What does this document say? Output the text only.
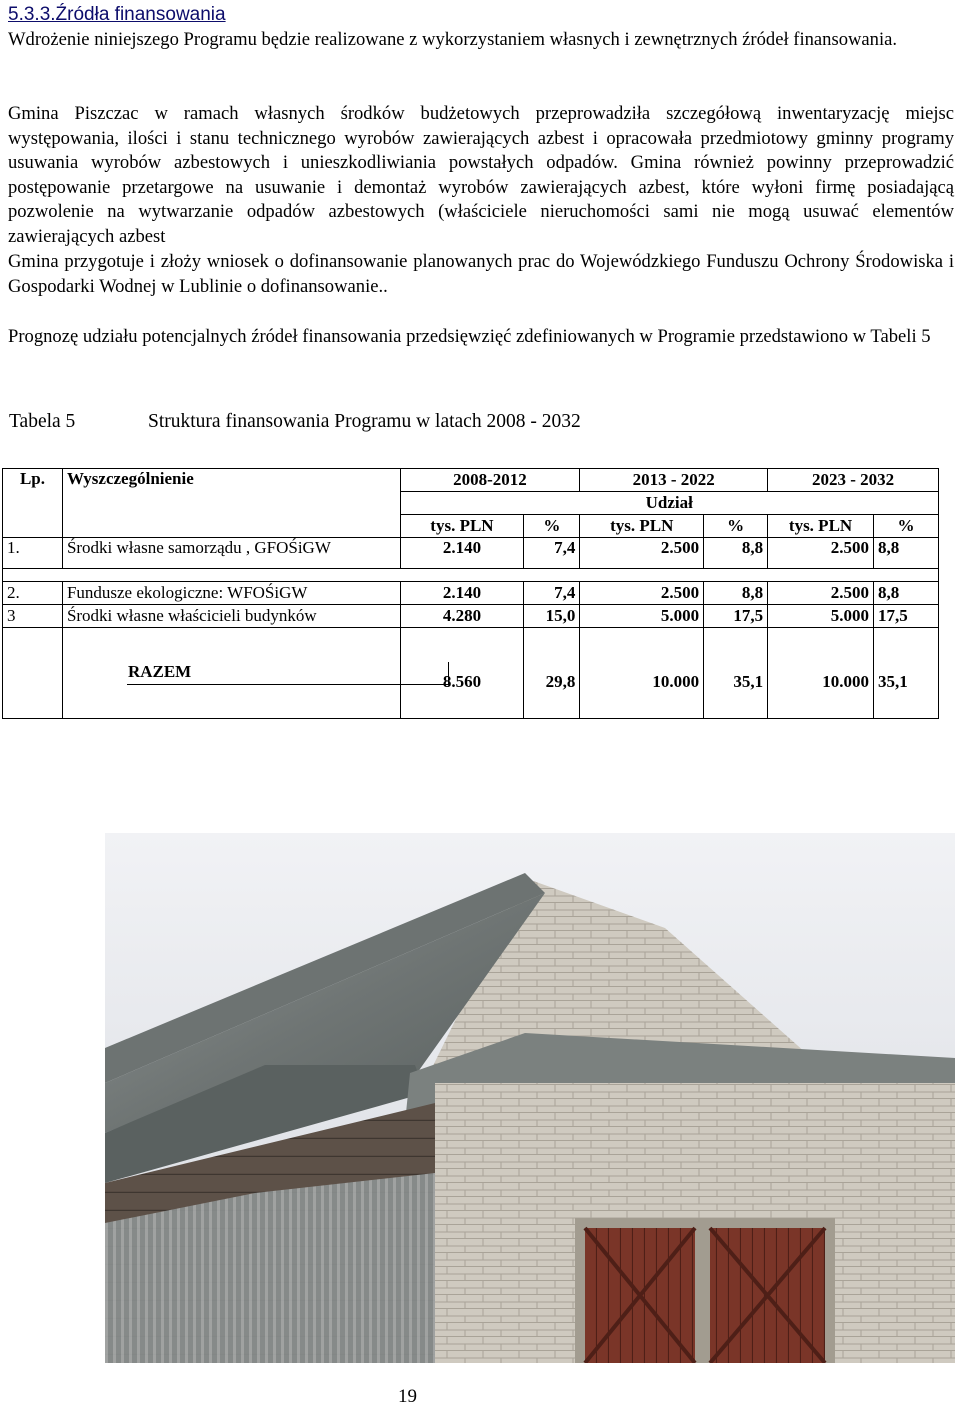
5.3.3.Źródła finansowania

Wdrożenie niniejszego Programu będzie realizowane z wykorzystaniem własnych i zewnętrznych źródeł finansowania.

Gmina Piszczac w ramach własnych środków budżetowych przeprowadziła szczegółową inwentaryzację miejsc występowania, ilości i stanu technicznego wyrobów zawierających azbest i opracowała przedmiotowy gminny programy usuwania wyrobów azbestowych i unieszkodliwiania powstałych odpadów. Gmina również powinny przeprowadzić postępowanie przetargowe na usuwanie i demontaż wyrobów zawierających azbest, które wyłoni firmę posiadającą pozwolenie na wytwarzanie odpadów azbestowych (właściciele nieruchomości sami nie mogą usuwać elementów zawierających azbest

Gmina przygotuje i złoży wniosek o dofinansowanie planowanych prac do Wojewódzkiego Funduszu Ochrony Środowiska i Gospodarki Wodnej w Lublinie o dofinansowanie..

Prognozę udziału potencjalnych źródeł finansowania przedsięwzięć zdefiniowanych w Programie przedstawiono w Tabeli 5

Tabela 5	Struktura finansowania Programu w latach 2008 - 2032
Lp.	Wyszczególnienie	2008-2012		2013 - 2022		2023 - 2032	
		Udział					
		tys. PLN	%	tys. PLN	%	tys. PLN	%
1.	Środki własne samorządu , GFOŚiGW	2.140	7,4	2.500	8,8	2.500	8,8

2.	Fundusze ekologiczne: WFOŚiGW	2.140	7,4	2.500	8,8	2.500	8,8
3	Środki własne właścicieli budynków	4.280	15,0	5.000	17,5	5.000	17,5

	RAZEM	8.560	29,8	10.000	35,1	10.000	35,1
19
